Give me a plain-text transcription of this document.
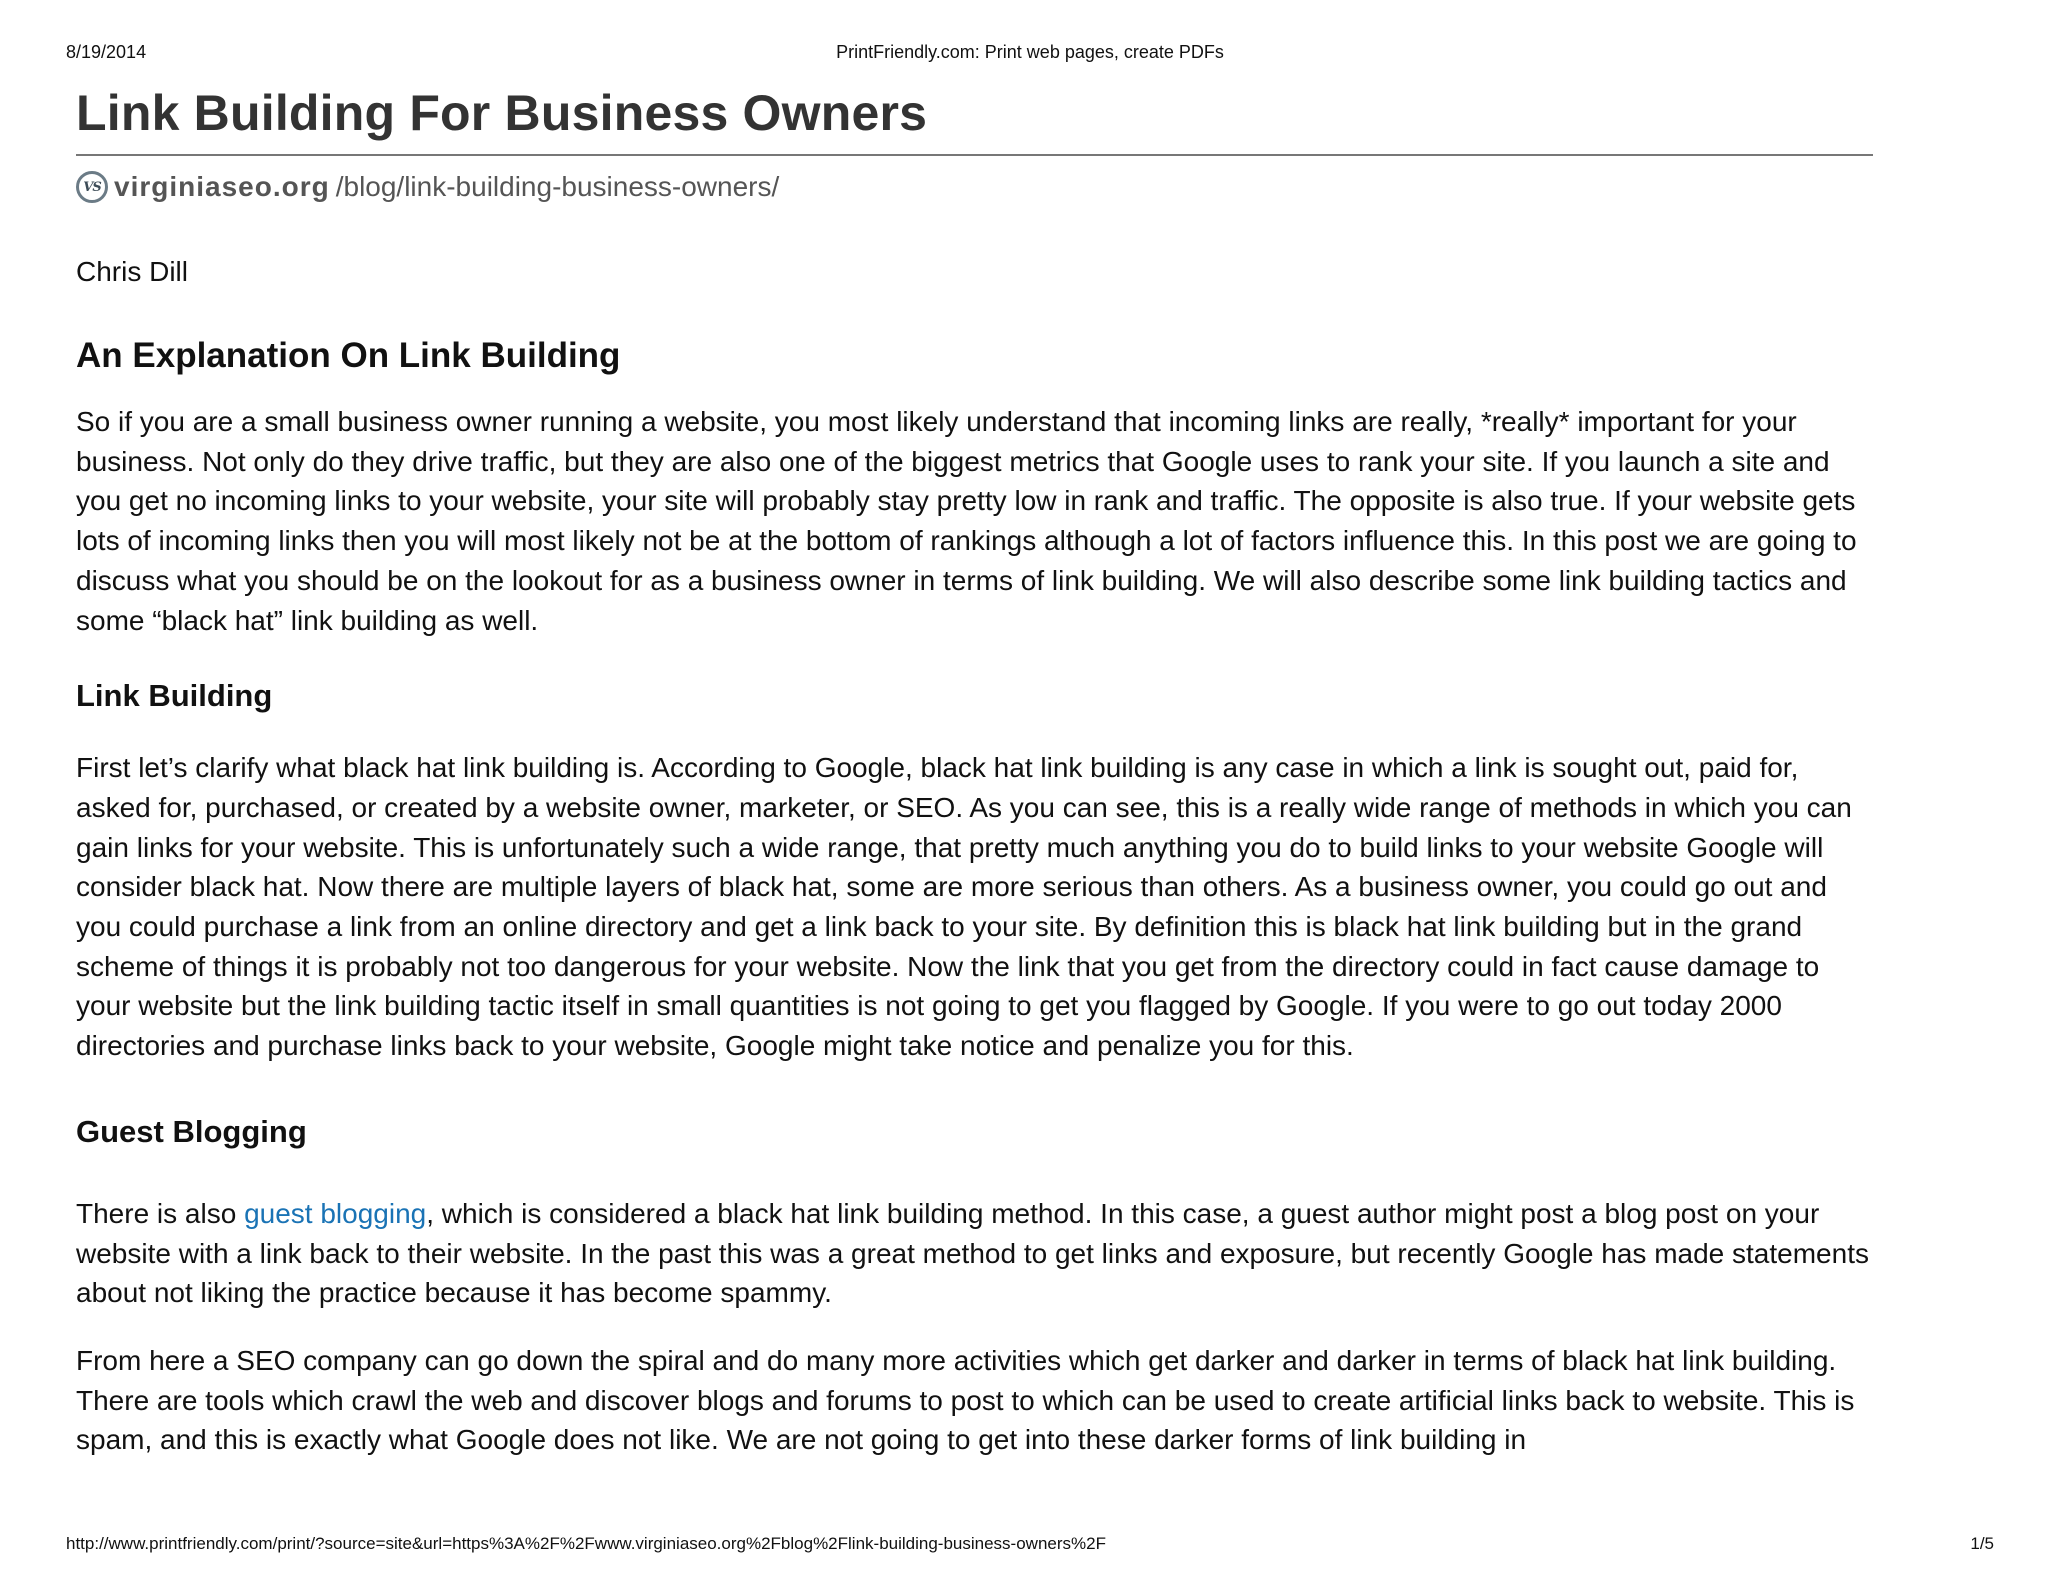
8/19/2014	PrintFriendly.com: Print web pages, create PDFs
Link Building For Business Owners
VS virginiaseo.org /blog/link-building-business-owners/
Chris Dill
An Explanation On Link Building

So if you are a small business owner running a website, you most likely understand that incoming links are really, *really* important for your business. Not only do they drive traffic, but they are also one of the biggest metrics that Google uses to rank your site. If you launch a site and you get no incoming links to your website, your site will probably stay pretty low in rank and traffic. The opposite is also true. If your website gets lots of incoming links then you will most likely not be at the bottom of rankings although a lot of factors influence this. In this post we are going to discuss what you should be on the lookout for as a business owner in terms of link building. We will also describe some link building tactics and some “black hat” link building as well.

Link Building

First let’s clarify what black hat link building is. According to Google, black hat link building is any case in which a link is sought out, paid for, asked for, purchased, or created by a website owner, marketer, or SEO. As you can see, this is a really wide range of methods in which you can gain links for your website. This is unfortunately such a wide range, that pretty much anything you do to build links to your website Google will consider black hat. Now there are multiple layers of black hat, some are more serious than others. As a business owner, you could go out and you could purchase a link from an online directory and get a link back to your site. By definition this is black hat link building but in the grand scheme of things it is probably not too dangerous for your website. Now the link that you get from the directory could in fact cause damage to your website but the link building tactic itself in small quantities is not going to get you flagged by Google. If you were to go out today 2000 directories and purchase links back to your website, Google might take notice and penalize you for this.

Guest Blogging

There is also guest blogging, which is considered a black hat link building method. In this case, a guest author might post a blog post on your website with a link back to their website. In the past this was a great method to get links and exposure, but recently Google has made statements about not liking the practice because it has become spammy.

From here a SEO company can go down the spiral and do many more activities which get darker and darker in terms of black hat link building. There are tools which crawl the web and discover blogs and forums to post to which can be used to create artificial links back to website. This is spam, and this is exactly what Google does not like. We are not going to get into these darker forms of link building in

http://www.printfriendly.com/print/?source=site&url=https%3A%2F%2Fwww.virginiaseo.org%2Fblog%2Flink-building-business-owners%2F	1/5
